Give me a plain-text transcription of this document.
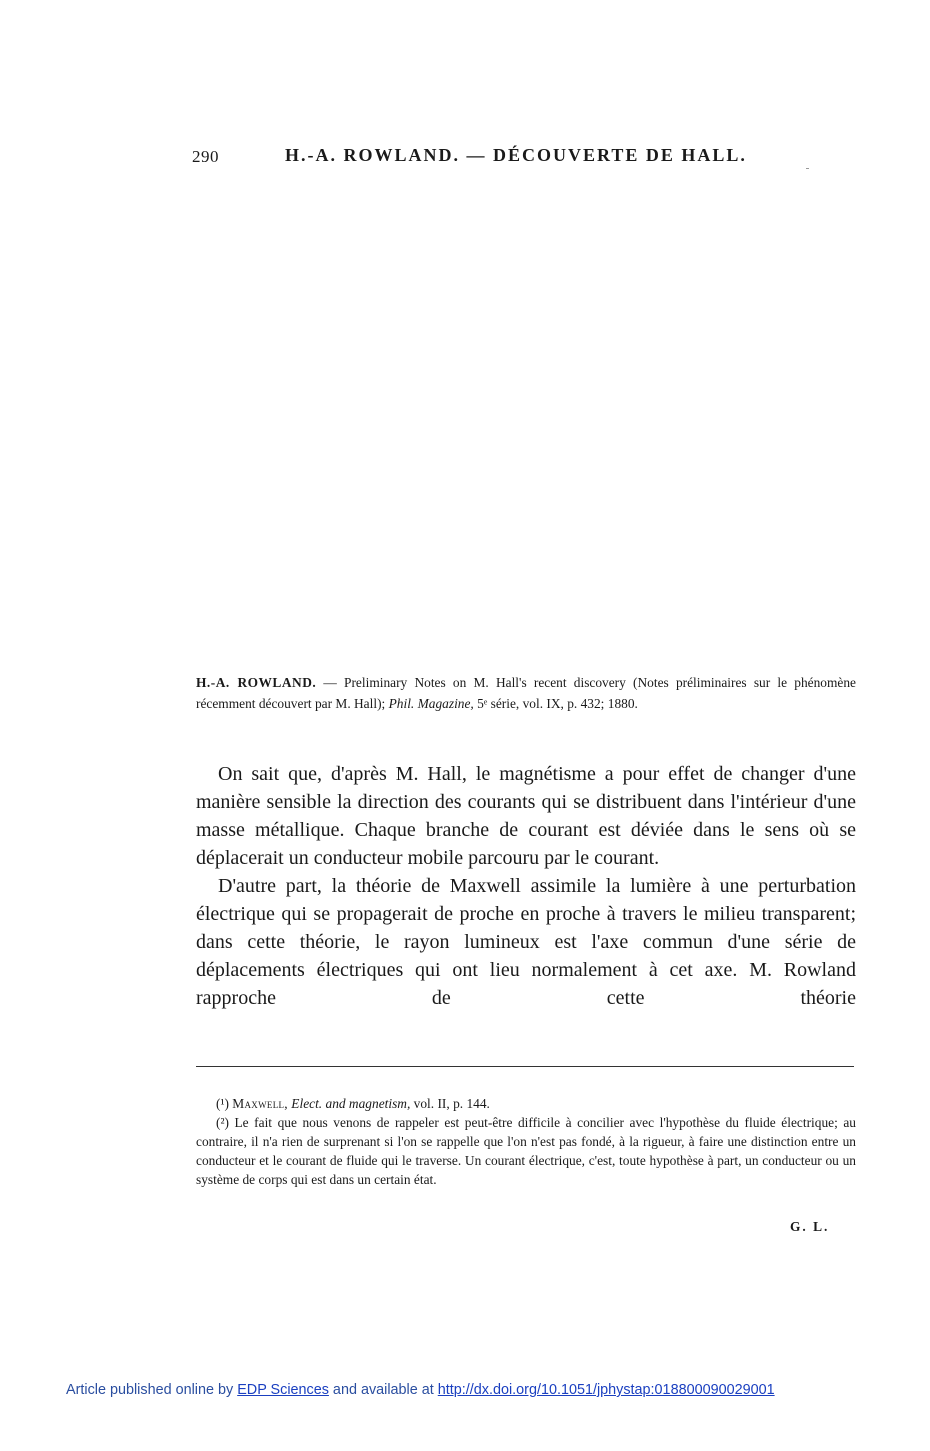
290	H.-A. ROWLAND. — DÉCOUVERTE DE HALL.
H.-A. ROWLAND. — Preliminary Notes on M. Hall's recent discovery (Notes préliminaires sur le phénomène récemment découvert par M. Hall); Phil. Magazine, 5ᵉ série, vol. IX, p. 432; 1880.

On sait que, d'après M. Hall, le magnétisme a pour effet de changer d'une manière sensible la direction des courants qui se distribuent dans l'intérieur d'une masse métallique. Chaque branche de courant est déviée dans le sens où se déplacerait un conducteur mobile parcouru par le courant.

D'autre part, la théorie de Maxwell assimile la lumière à une perturbation électrique qui se propagerait de proche en proche à travers le milieu transparent; dans cette théorie, le rayon lumineux est l'axe commun d'une série de déplacements électriques qui ont lieu normalement à cet axe. M. Rowland rapproche de cette théorie

(¹) Maxwell, Elect. and magnetism, vol. II, p. 144.

(²) Le fait que nous venons de rappeler est peut-être difficile à concilier avec l'hypothèse du fluide électrique; au contraire, il n'a rien de surprenant si l'on se rappelle que l'on n'est pas fondé, à la rigueur, à faire une distinction entre un conducteur et le courant de fluide qui le traverse. Un courant électrique, c'est, toute hypothèse à part, un conducteur ou un système de corps qui est dans un certain état.

G. L.
Article published online by EDP Sciences and available at http://dx.doi.org/10.1051/jphystap:018800090029001
